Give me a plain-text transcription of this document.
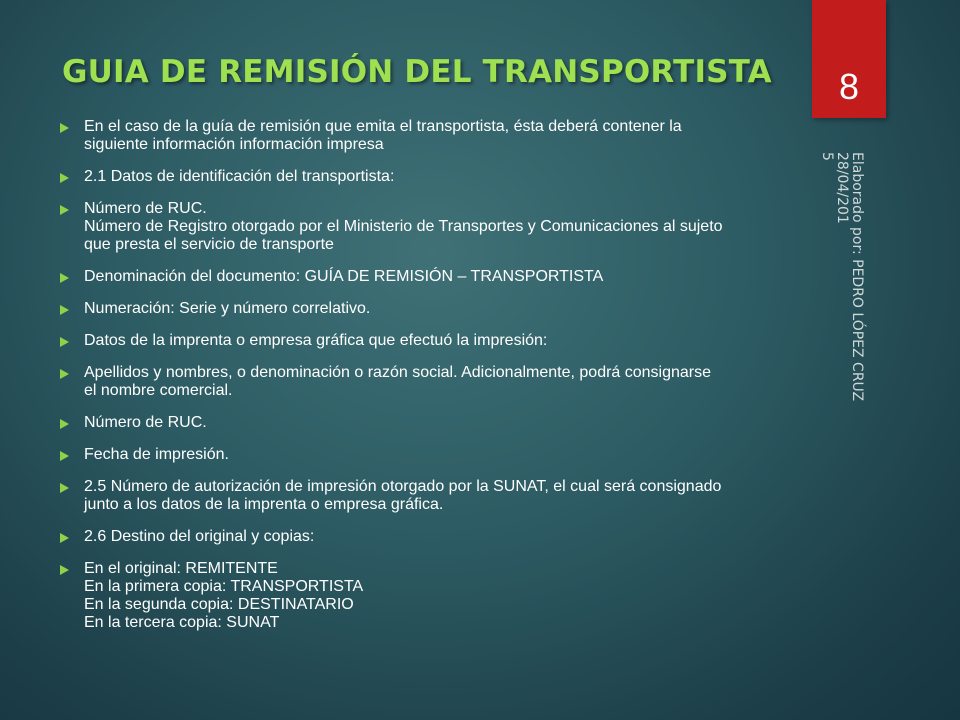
GUIA DE REMISIÓN DEL TRANSPORTISTA	8
Elaborado por: PEDRO LÓPEZ CRUZ
28/04/201
5
En el caso de la guía de remisión que emita el transportista, ésta deberá contener la
siguiente información información impresa
2.1 Datos de identificación del transportista:
Número de RUC.
Número de Registro otorgado por el Ministerio de Transportes y Comunicaciones al sujeto
que presta el servicio de transporte
Denominación del documento: GUÍA DE REMISIÓN – TRANSPORTISTA
Numeración: Serie y número correlativo.
Datos de la imprenta o empresa gráfica que efectuó la impresión:
Apellidos y nombres, o denominación o razón social. Adicionalmente, podrá consignarse
el nombre comercial.
Número de RUC.
Fecha de impresión.
2.5 Número de autorización de impresión otorgado por la SUNAT, el cual será consignado
junto a los datos de la imprenta o empresa gráfica.
2.6 Destino del original y copias:
En el original: REMITENTE
En la primera copia: TRANSPORTISTA
En la segunda copia: DESTINATARIO
En la tercera copia: SUNAT
